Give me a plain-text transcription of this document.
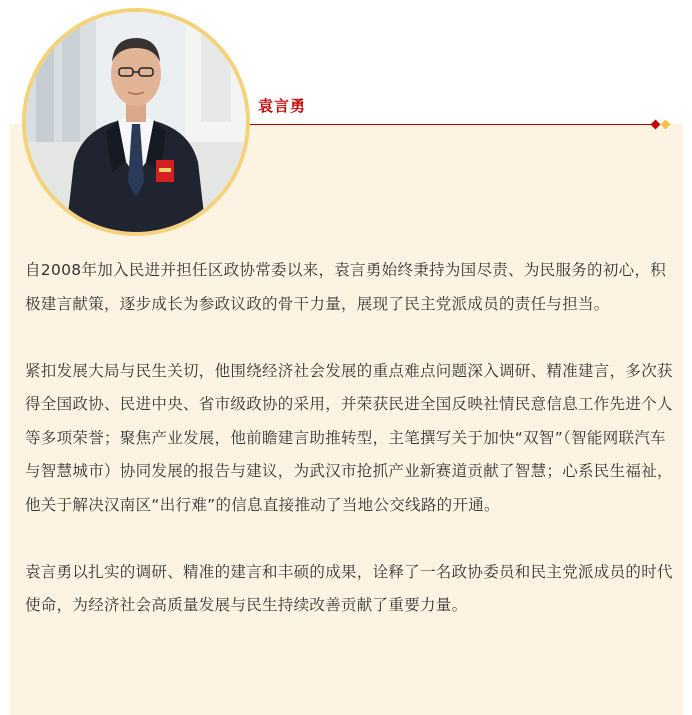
袁言勇

自2008年加入民进并担任区政协常委以来，袁言勇始终秉持为国尽责、为民服务的初心，积极建言献策，逐步成长为参政议政的骨干力量，展现了民主党派成员的责任与担当。

紧扣发展大局与民生关切，他围绕经济社会发展的重点难点问题深入调研、精准建言，多次获得全国政协、民进中央、省市级政协的采用，并荣获民进全国反映社情民意信息工作先进个人等多项荣誉；聚焦产业发展，他前瞻建言助推转型，主笔撰写关于加快“双智”（智能网联汽车与智慧城市）协同发展的报告与建议，为武汉市抢抓产业新赛道贡献了智慧；心系民生福祉，他关于解决汉南区“出行难”的信息直接推动了当地公交线路的开通。

袁言勇以扎实的调研、精准的建言和丰硕的成果，诠释了一名政协委员和民主党派成员的时代使命，为经济社会高质量发展与民生持续改善贡献了重要力量。
